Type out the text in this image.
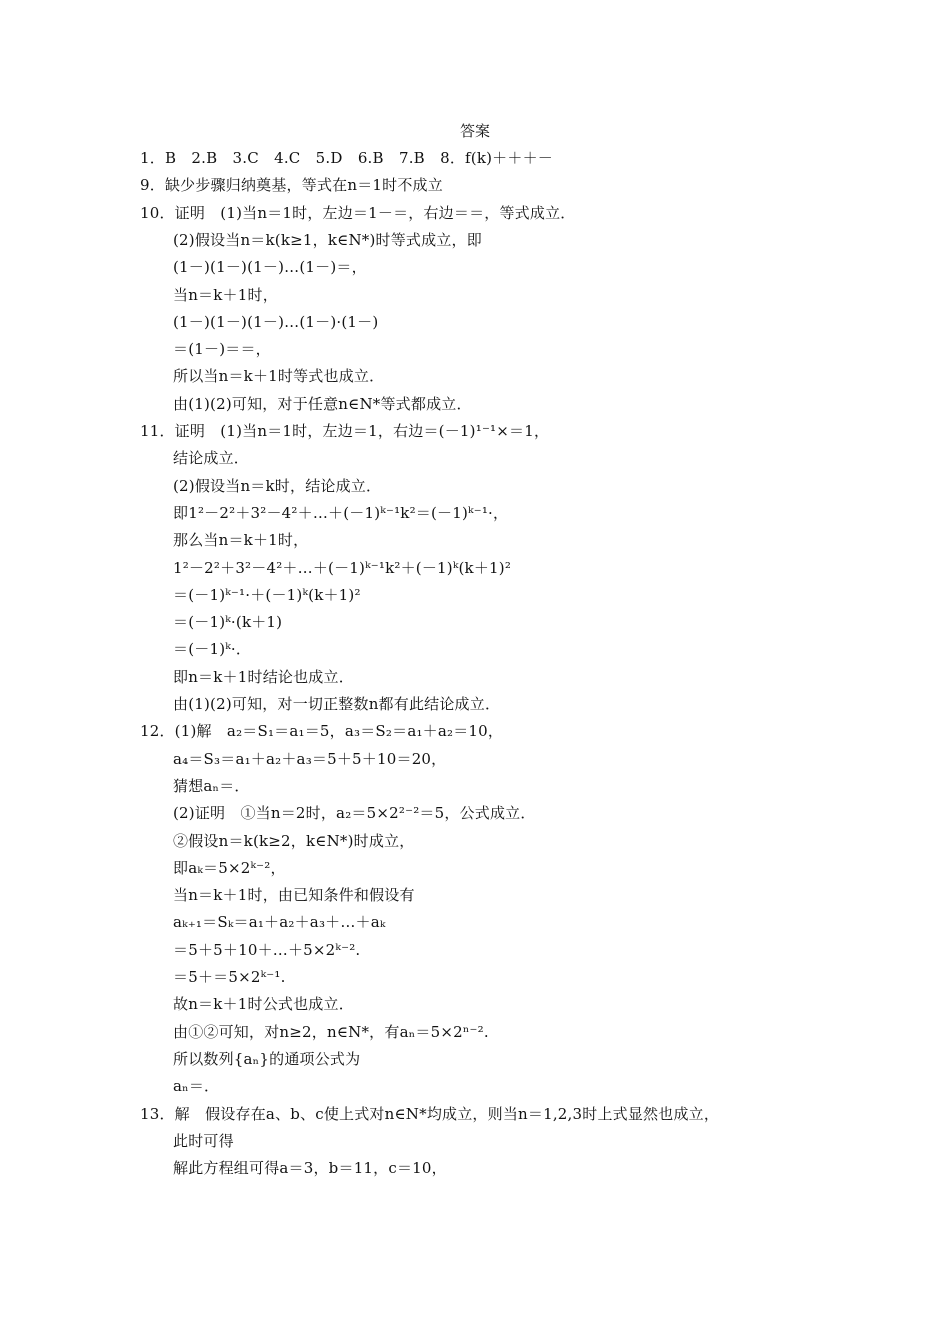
答案
1．B　2.B　3.C　4.C　5.D　6.B　7.B　8．f(k)＋＋＋－
9．缺少步骤归纳奠基，等式在n＝1时不成立
10．证明　(1)当n＝1时，左边＝1－＝，右边＝＝，等式成立．
(2)假设当n＝k(k≥1，k∈N*)时等式成立，即
(1－)(1－)(1－)…(1－)＝，
当n＝k＋1时，
(1－)(1－)(1－)…(1－)·(1－)
＝(1－)＝＝，
所以当n＝k＋1时等式也成立．
由(1)(2)可知，对于任意n∈N*等式都成立．
11．证明　(1)当n＝1时，左边＝1，右边＝(－1)¹⁻¹×＝1，
结论成立．
(2)假设当n＝k时，结论成立．
即1²－2²＋3²－4²＋…＋(－1)ᵏ⁻¹k²＝(－1)ᵏ⁻¹·，
那么当n＝k＋1时，
1²－2²＋3²－4²＋…＋(－1)ᵏ⁻¹k²＋(－1)ᵏ(k＋1)²
＝(－1)ᵏ⁻¹·＋(－1)ᵏ(k＋1)²
＝(－1)ᵏ·(k＋1)
＝(－1)ᵏ·．
即n＝k＋1时结论也成立．
由(1)(2)可知，对一切正整数n都有此结论成立．
12．(1)解　a₂＝S₁＝a₁＝5，a₃＝S₂＝a₁＋a₂＝10，
a₄＝S₃＝a₁＋a₂＋a₃＝5＋5＋10＝20，
猜想aₙ＝．
(2)证明　①当n＝2时，a₂＝5×2²⁻²＝5，公式成立．
②假设n＝k(k≥2，k∈N*)时成立，
即aₖ＝5×2ᵏ⁻²，
当n＝k＋1时，由已知条件和假设有
aₖ₊₁＝Sₖ＝a₁＋a₂＋a₃＋…＋aₖ
＝5＋5＋10＋…＋5×2ᵏ⁻².
＝5＋＝5×2ᵏ⁻¹.
故n＝k＋1时公式也成立．
由①②可知，对n≥2，n∈N*，有aₙ＝5×2ⁿ⁻².
所以数列{aₙ}的通项公式为
aₙ＝．
13．解　假设存在a、b、c使上式对n∈N*均成立，则当n＝1,2,3时上式显然也成立，
此时可得
解此方程组可得a＝3，b＝11，c＝10，
